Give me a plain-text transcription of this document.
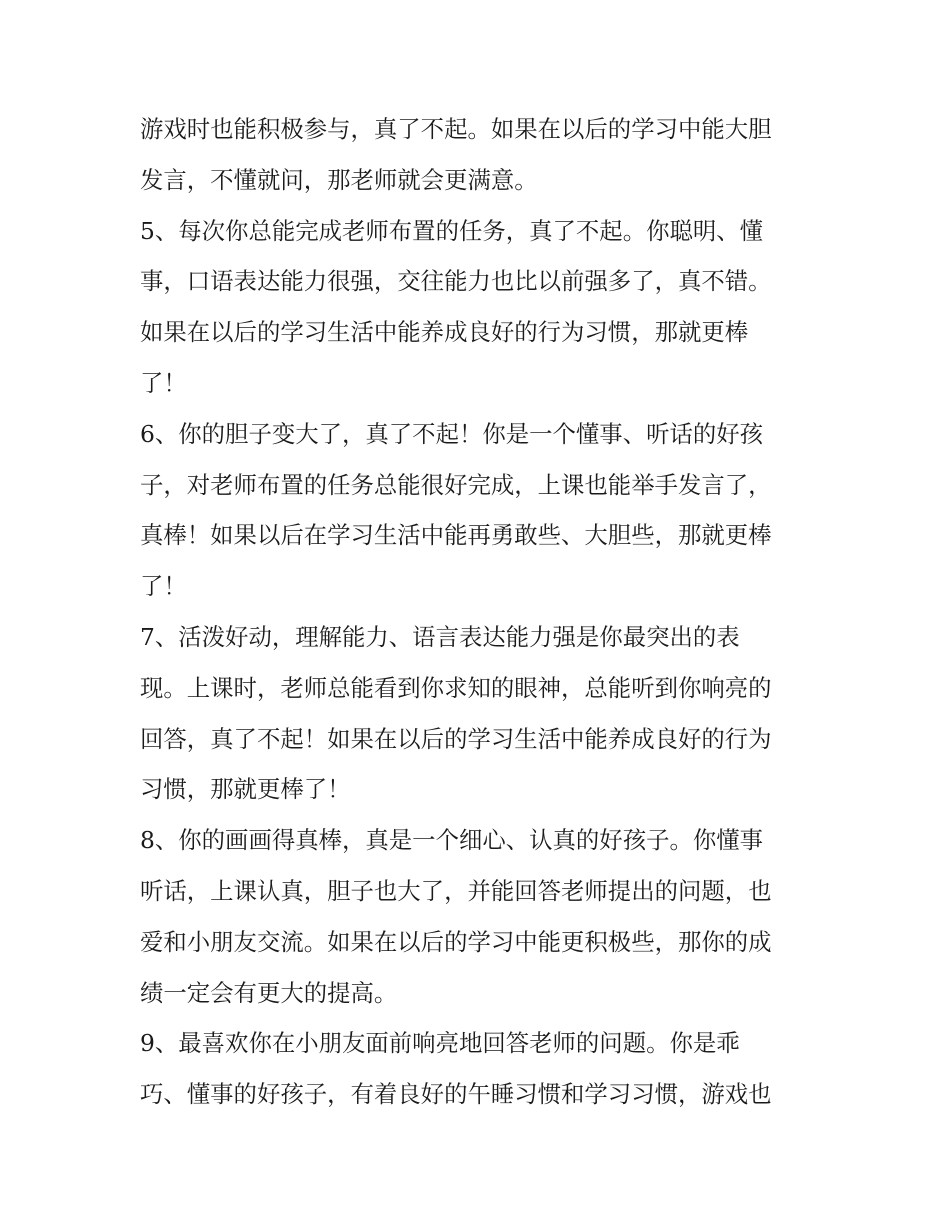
游戏时也能积极参与，真了不起。如果在以后的学习中能大胆
发言，不懂就问，那老师就会更满意。
5、每次你总能完成老师布置的任务，真了不起。你聪明、懂
事，口语表达能力很强，交往能力也比以前强多了，真不错。
如果在以后的学习生活中能养成良好的行为习惯，那就更棒
了！
6、你的胆子变大了，真了不起！你是一个懂事、听话的好孩
子，对老师布置的任务总能很好完成，上课也能举手发言了，
真棒！如果以后在学习生活中能再勇敢些、大胆些，那就更棒
了！
7、活泼好动，理解能力、语言表达能力强是你最突出的表
现。上课时，老师总能看到你求知的眼神，总能听到你响亮的
回答，真了不起！如果在以后的学习生活中能养成良好的行为
习惯，那就更棒了！
8、你的画画得真棒，真是一个细心、认真的好孩子。你懂事
听话，上课认真，胆子也大了，并能回答老师提出的问题，也
爱和小朋友交流。如果在以后的学习中能更积极些，那你的成
绩一定会有更大的提高。
9、最喜欢你在小朋友面前响亮地回答老师的问题。你是乖
巧、懂事的好孩子，有着良好的午睡习惯和学习习惯，游戏也
